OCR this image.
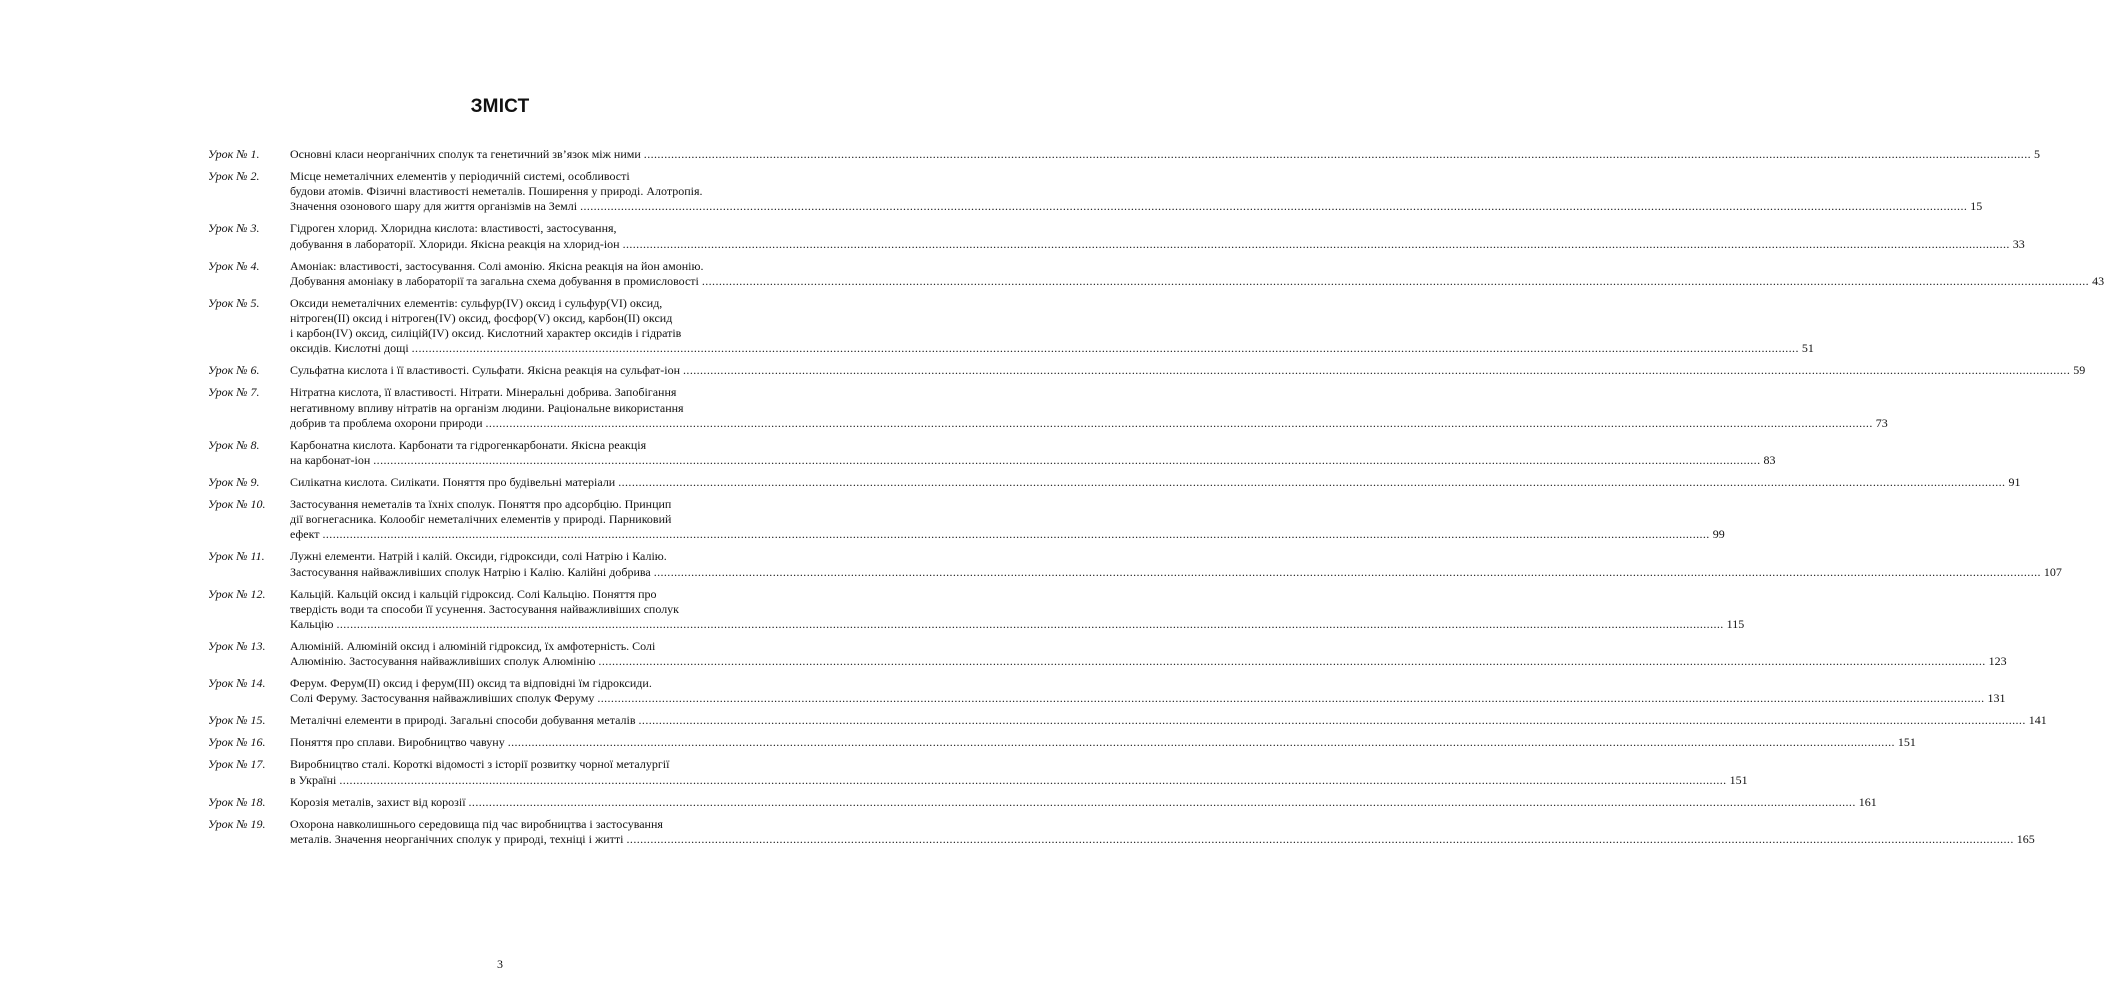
ЗМІСТ
Урок № 1.	Основні класи неорганічних сполук та генетичний зв’язок між ними .....	5
Урок № 2.	Місце неметалічних елементів у періодичній системі, особливості
будови атомів. Фізичні властивості неметалів. Поширення у природі. Алотропія.
Значення озонового шару для життя організмів на Землі .....	15
Урок № 3.	Гідроген хлорид. Хлоридна кислота: властивості, застосування,
добування в лабораторії. Хлориди. Якісна реакція на хлорид-іон .....	33
Урок № 4.	Амоніак: властивості, застосування. Солі амонію. Якісна реакція на йон амонію.
Добування амоніаку в лабораторії та загальна схема добування в промисловості .....	43
Урок № 5.	Оксиди неметалічних елементів: сульфур(IV) оксид і сульфур(VI) оксид,
нітроген(II) оксид і нітроген(IV) оксид, фосфор(V) оксид, карбон(II) оксид
і карбон(IV) оксид, силіцій(IV) оксид. Кислотний характер оксидів і гідратів
оксидів. Кислотні дощі .....	51
Урок № 6.	Сульфатна кислота і її властивості. Сульфати. Якісна реакція на сульфат-іон .....	59
Урок № 7.	Нітратна кислота, її властивості. Нітрати. Мінеральні добрива. Запобігання
негативному впливу нітратів на організм людини. Раціональне використання
добрив та проблема охорони природи .....	73
Урок № 8.	Карбонатна кислота. Карбонати та гідрогенкарбонати. Якісна реакція
на карбонат-іон .....	83
Урок № 9.	Силікатна кислота. Силікати. Поняття про будівельні матеріали .....	91
Урок № 10.	Застосування неметалів та їхніх сполук. Поняття про адсорбцію. Принцип
дії вогнегасника. Колообіг неметалічних елементів у природі. Парниковий
ефект .....	99
Урок № 11.	Лужні елементи. Натрій і калій. Оксиди, гідроксиди, солі Натрію і Калію.
Застосування найважливіших сполук Натрію і Калію. Калійні добрива .....	107
Урок № 12.	Кальцій. Кальцій оксид і кальцій гідроксид. Солі Кальцію. Поняття про
твердість води та способи її усунення. Застосування найважливіших сполук
Кальцію .....	115
Урок № 13.	Алюміній. Алюміній оксид і алюміній гідроксид, їх амфотерність. Солі
Алюмінію. Застосування найважливіших сполук Алюмінію .....	123
Урок № 14.	Ферум. Ферум(II) оксид і ферум(III) оксид та відповідні їм гідроксиди.
Солі Феруму. Застосування найважливіших сполук Феруму .....	131
Урок № 15.	Металічні елементи в природі. Загальні способи добування металів .....	141
Урок № 16.	Поняття про сплави. Виробництво чавуну .....	151
Урок № 17.	Виробництво сталі. Короткі відомості з історії розвитку чорної металургії
в Україні .....	151
Урок № 18.	Корозія металів, захист від корозії .....	161
Урок № 19.	Охорона навколишнього середовища під час виробництва і застосування
металів. Значення неорганічних сполук у природі, техніці і житті .....	165
3
